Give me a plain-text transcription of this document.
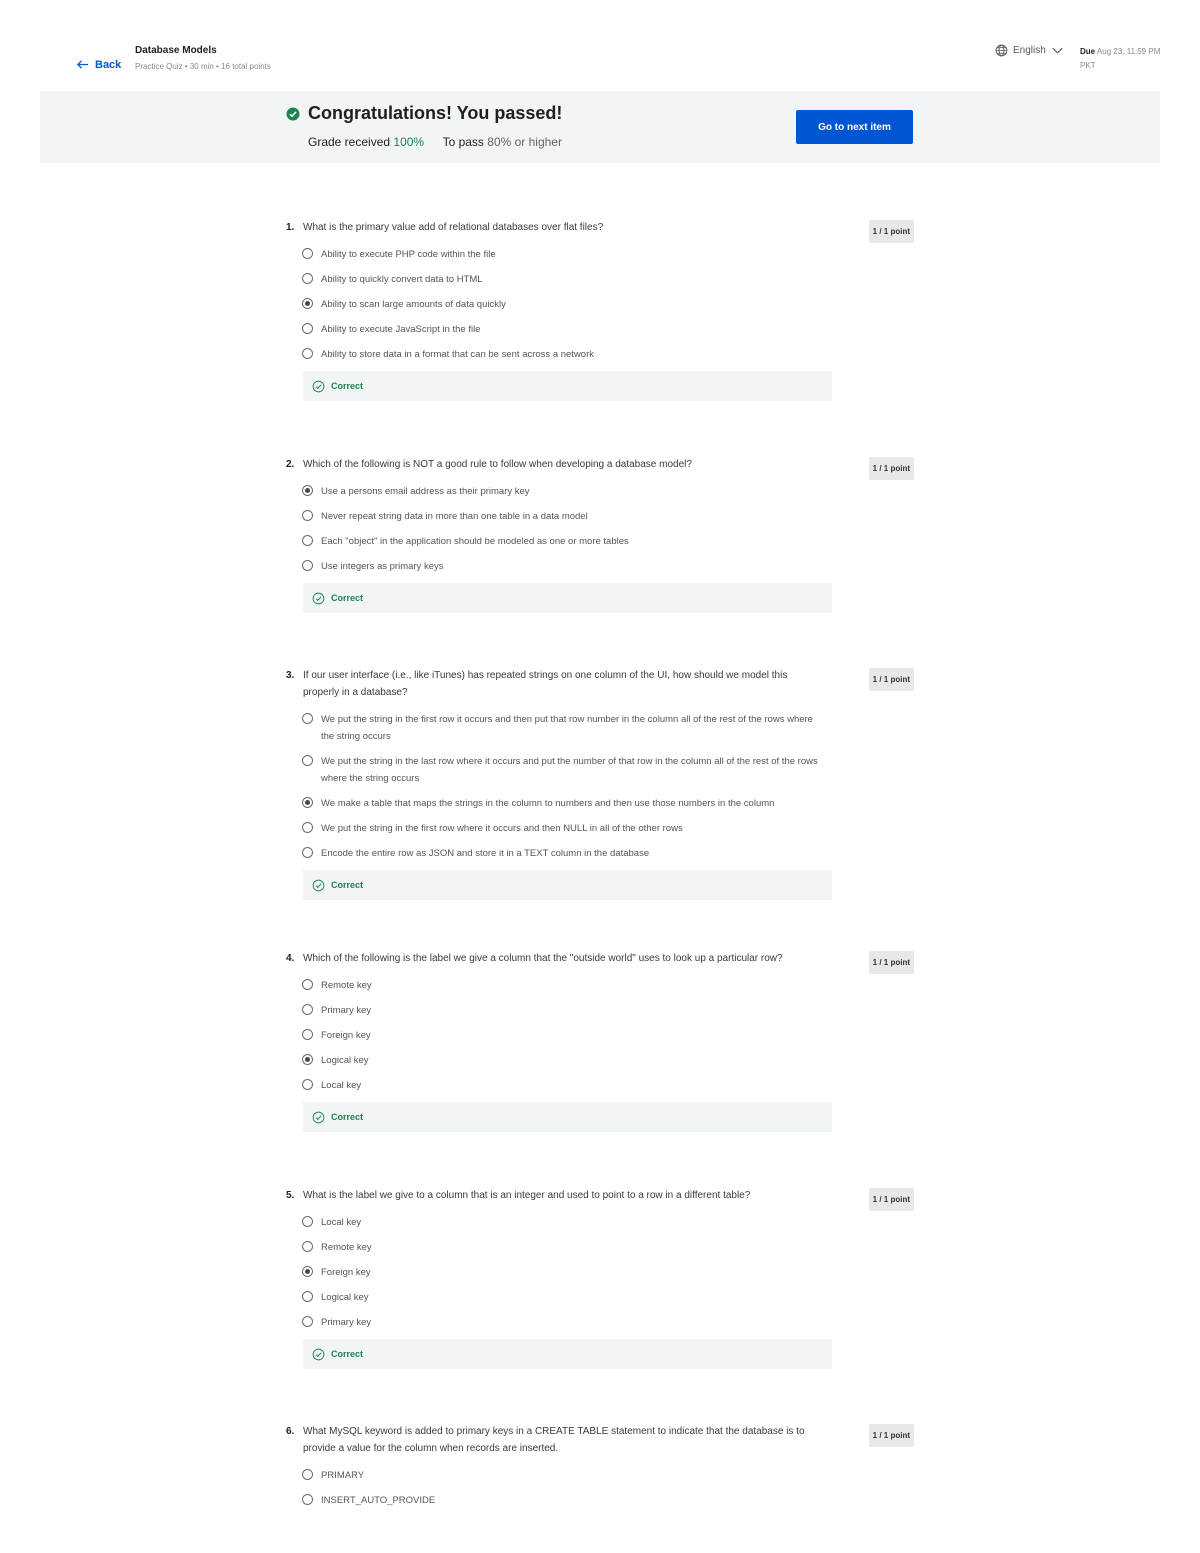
Back
Database Models
Practice Quiz • 30 min • 16 total points
English	Due Aug 23, 11:59 PM PKT
Congratulations! You passed!
Grade received 100% To pass 80% or higher
Go to next item
1. What is the primary value add of relational databases over flat files?	1 / 1 point
Ability to execute PHP code within the file
Ability to quickly convert data to HTML
Ability to scan large amounts of data quickly
Ability to execute JavaScript in the file
Ability to store data in a format that can be sent across a network
Correct
2. Which of the following is NOT a good rule to follow when developing a database model?	1 / 1 point
Use a persons email address as their primary key
Never repeat string data in more than one table in a data model
Each "object" in the application should be modeled as one or more tables
Use integers as primary keys
Correct
3. If our user interface (i.e., like iTunes) has repeated strings on one column of the UI, how should we model this properly in a database?
1 / 1 point
We put the string in the first row it occurs and then put that row number in the column all of the rest of the rows where the string occurs
We put the string in the last row where it occurs and put the number of that row in the column all of the rest of the rows where the string occurs
We make a table that maps the strings in the column to numbers and then use those numbers in the column
We put the string in the first row where it occurs and then NULL in all of the other rows
Encode the entire row as JSON and store it in a TEXT column in the database
Correct
4. Which of the following is the label we give a column that the "outside world" uses to look up a particular row?	1 / 1 point
Remote key
Primary key
Foreign key
Logical key
Local key
Correct
5. What is the label we give to a column that is an integer and used to point to a row in a different table?	1 / 1 point
Local key
Remote key
Foreign key
Logical key
Primary key
Correct
6. What MySQL keyword is added to primary keys in a CREATE TABLE statement to indicate that the database is to provide a value for the column when records are inserted.
1 / 1 point
PRIMARY
INSERT_AUTO_PROVIDE
